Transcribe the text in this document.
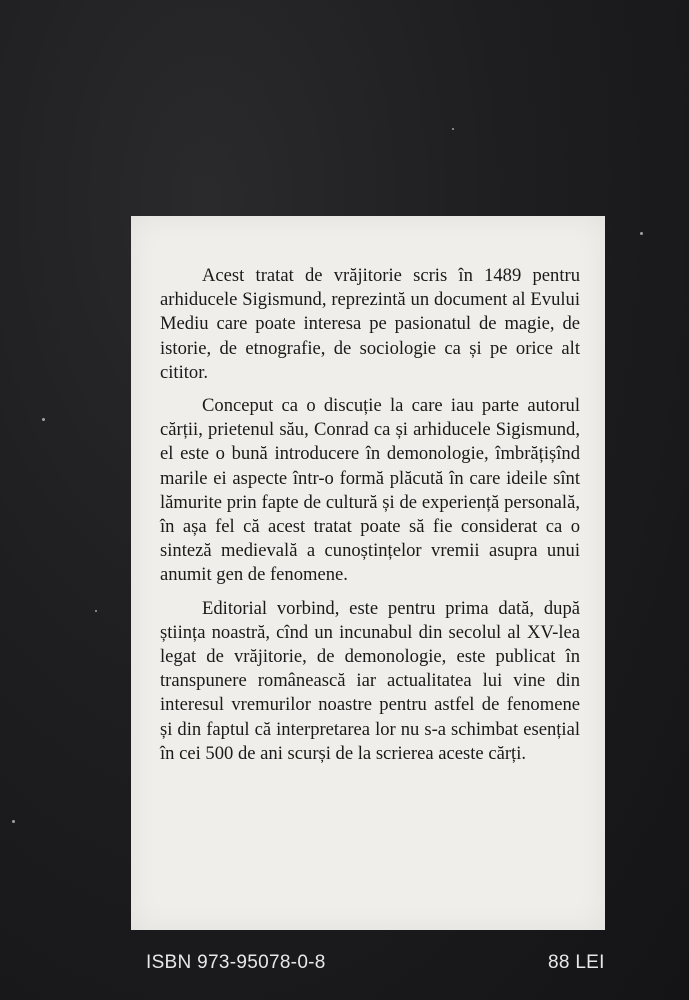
Acest tratat de vrăjitorie scris în 1489 pentru arhiducele Sigismund, reprezintă un document al Evului Mediu care poate interesa pe pasionatul de magie, de istorie, de etnografie, de sociologie ca și pe orice alt cititor.

Conceput ca o discuție la care iau parte autorul cărții, prietenul său, Conrad ca și arhiducele Sigismund, el este o bună introducere în demonologie, îmbrățișînd marile ei aspecte într-o formă plăcută în care ideile sînt lămurite prin fapte de cultură și de experiență personală, în așa fel că acest tratat poate să fie considerat ca o sinteză medievală a cunoștințelor vremii asupra unui anumit gen de fenomene.

Editorial vorbind, este pentru prima dată, după știința noastră, cînd un incunabul din secolul al XV-lea legat de vrăjitorie, de demonologie, este publicat în transpunere românească iar actualitatea lui vine din interesul vremurilor noastre pentru astfel de fenomene și din faptul că interpretarea lor nu s-a schimbat esențial în cei 500 de ani scurși de la scrierea aceste cărți.

ISBN 973-95078-0-8	88 LEI
